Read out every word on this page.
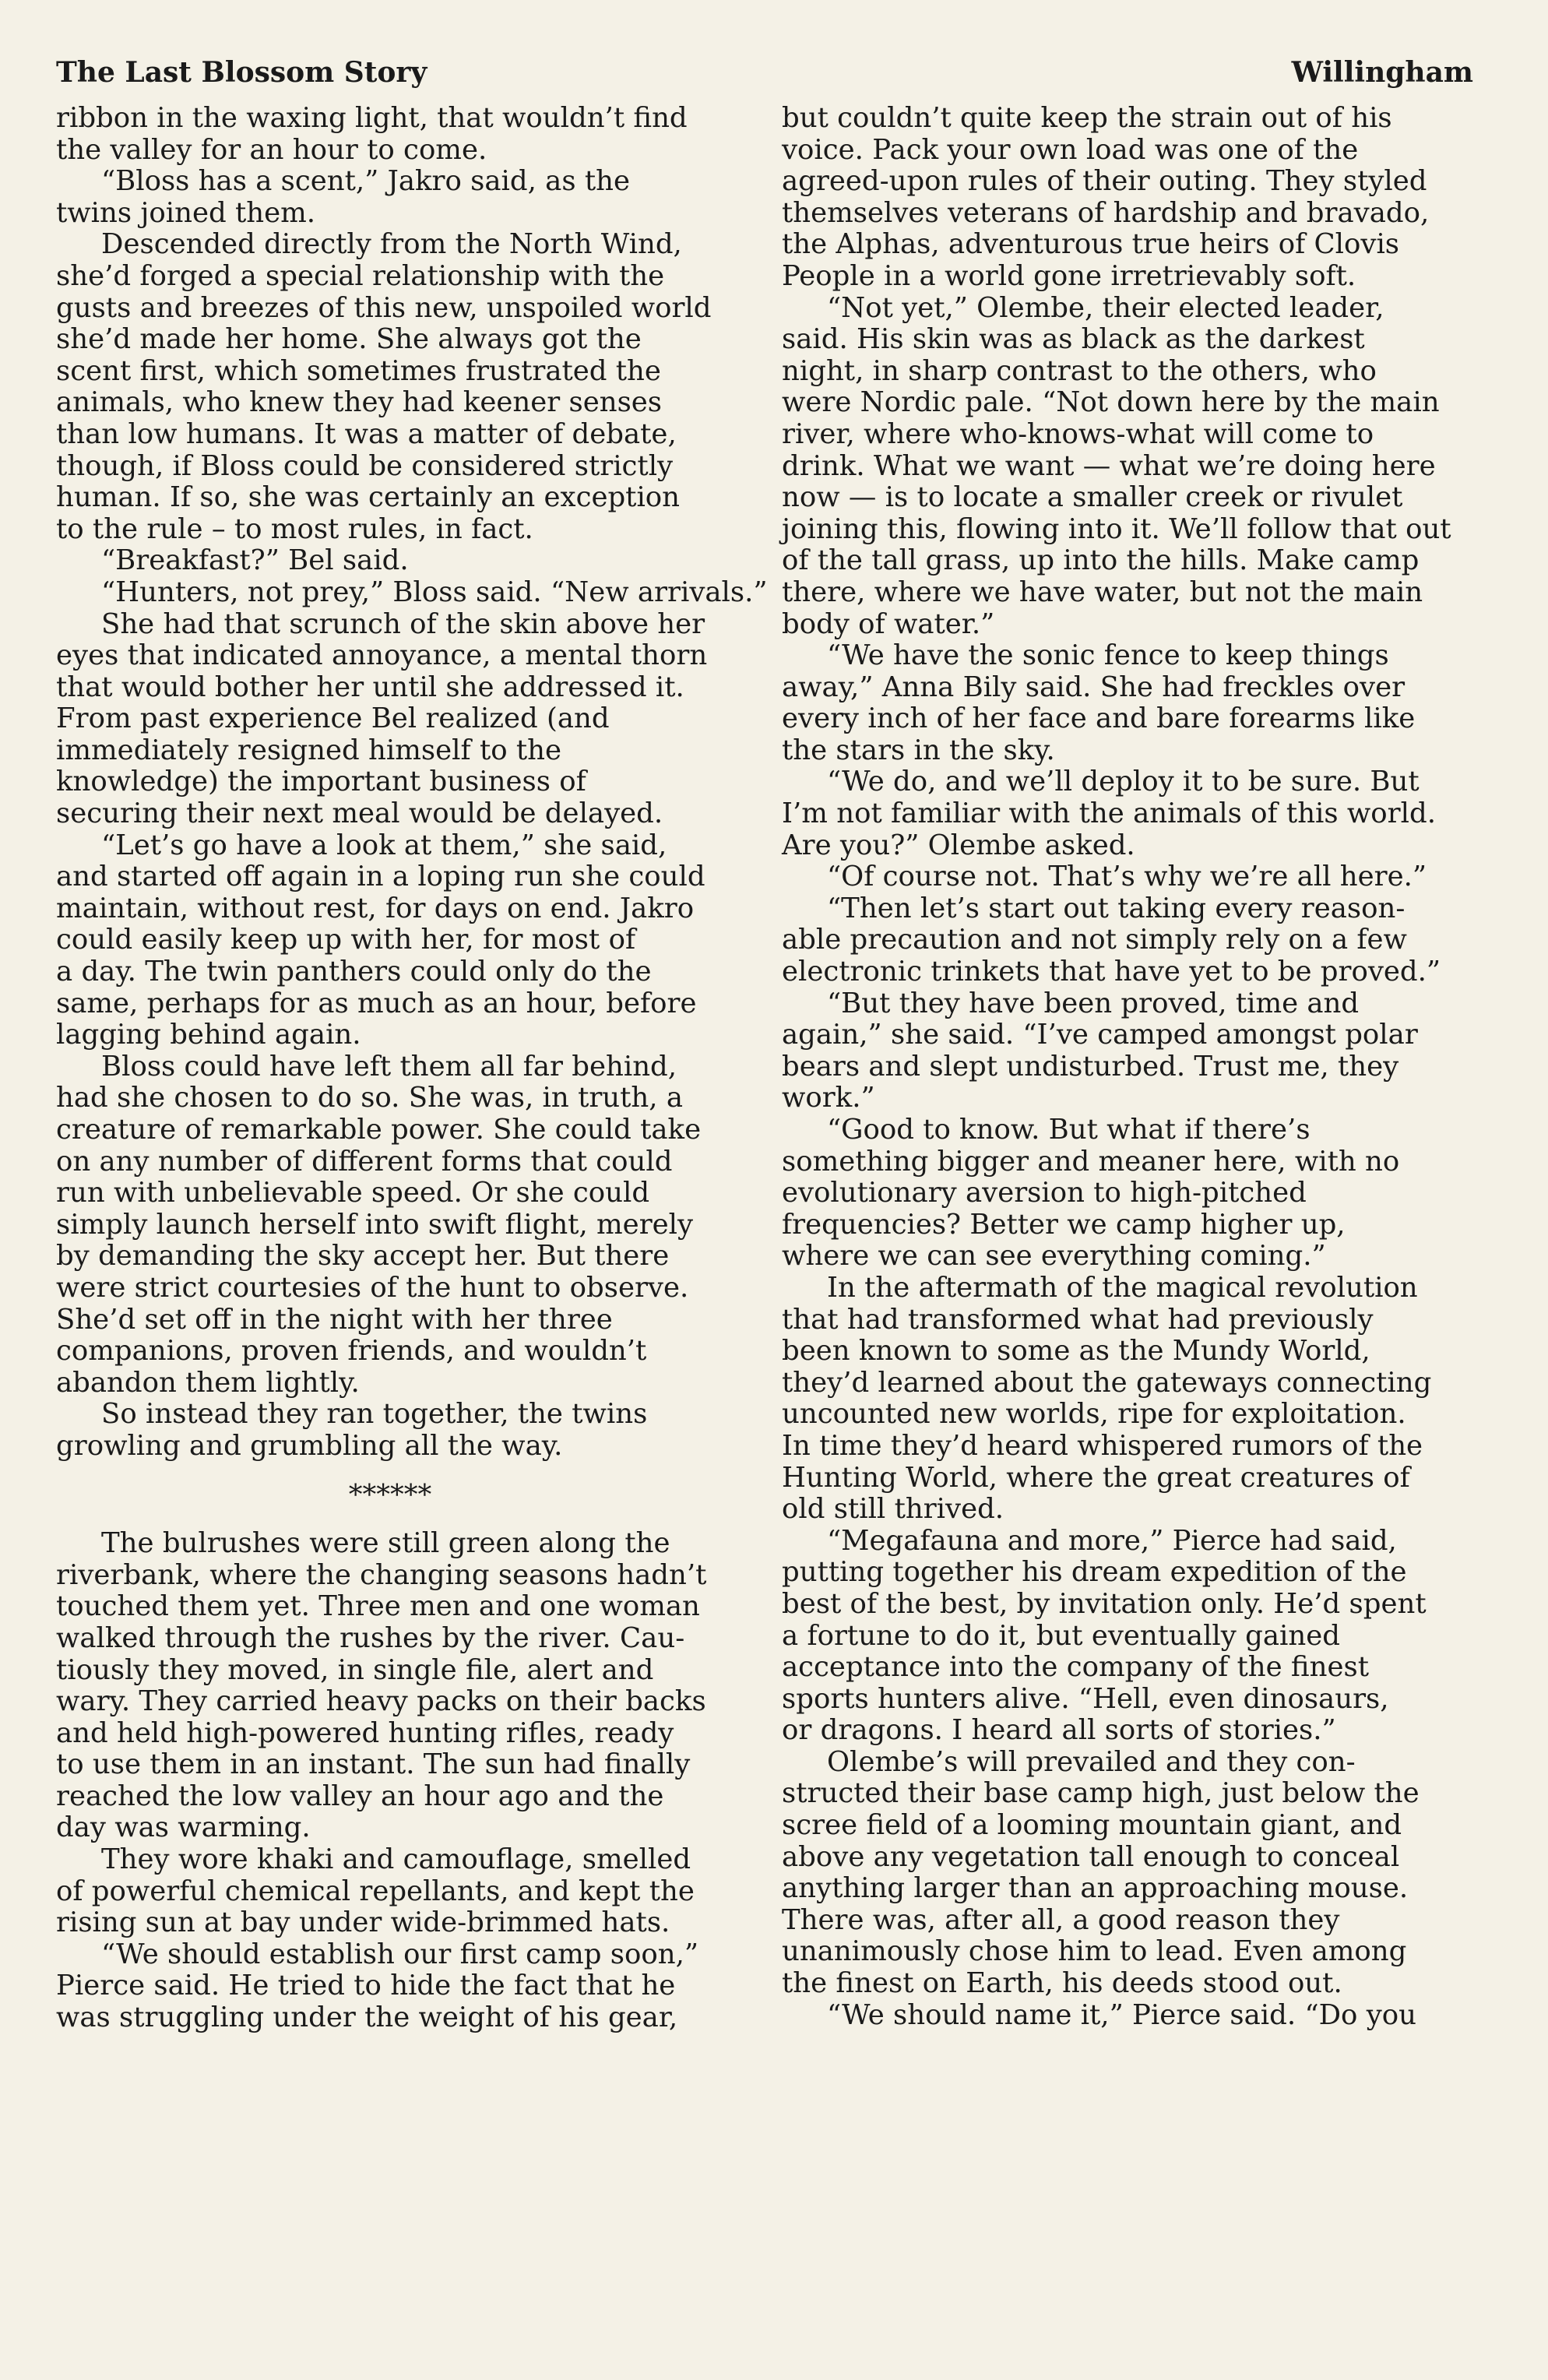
The Last Blossom Story	Willingham
ribbon in the waxing light, that wouldn’t find
the valley for an hour to come.
“Bloss has a scent,” Jakro said, as the
twins joined them.
Descended directly from the North Wind,
she’d forged a special relationship with the
gusts and breezes of this new, unspoiled world
she’d made her home. She always got the
scent first, which sometimes frustrated the
animals, who knew they had keener senses
than low humans. It was a matter of debate,
though, if Bloss could be considered strictly
human. If so, she was certainly an exception
to the rule – to most rules, in fact.
“Breakfast?” Bel said.
“Hunters, not prey,” Bloss said. “New arrivals.”
She had that scrunch of the skin above her
eyes that indicated annoyance, a mental thorn
that would bother her until she addressed it.
From past experience Bel realized (and
immediately resigned himself to the
knowledge) the important business of
securing their next meal would be delayed.
“Let’s go have a look at them,” she said,
and started off again in a loping run she could
maintain, without rest, for days on end. Jakro
could easily keep up with her, for most of
a day. The twin panthers could only do the
same, perhaps for as much as an hour, before
lagging behind again.
Bloss could have left them all far behind,
had she chosen to do so. She was, in truth, a
creature of remarkable power. She could take
on any number of different forms that could
run with unbelievable speed. Or she could
simply launch herself into swift flight, merely
by demanding the sky accept her. But there
were strict courtesies of the hunt to observe.
She’d set off in the night with her three
companions, proven friends, and wouldn’t
abandon them lightly.
So instead they ran together, the twins
growling and grumbling all the way.
******
The bulrushes were still green along the
riverbank, where the changing seasons hadn’t
touched them yet. Three men and one woman
walked through the rushes by the river. Cau-
tiously they moved, in single file, alert and
wary. They carried heavy packs on their backs
and held high-powered hunting rifles, ready
to use them in an instant. The sun had finally
reached the low valley an hour ago and the
day was warming.
They wore khaki and camouflage, smelled
of powerful chemical repellants, and kept the
rising sun at bay under wide-brimmed hats.
“We should establish our first camp soon,”
Pierce said. He tried to hide the fact that he
was struggling under the weight of his gear,
but couldn’t quite keep the strain out of his
voice. Pack your own load was one of the
agreed-upon rules of their outing. They styled
themselves veterans of hardship and bravado,
the Alphas, adventurous true heirs of Clovis
People in a world gone irretrievably soft.
“Not yet,” Olembe, their elected leader,
said. His skin was as black as the darkest
night, in sharp contrast to the others, who
were Nordic pale. “Not down here by the main
river, where who-knows-what will come to
drink. What we want — what we’re doing here
now — is to locate a smaller creek or rivulet
joining this, flowing into it. We’ll follow that out
of the tall grass, up into the hills. Make camp
there, where we have water, but not the main
body of water.”
“We have the sonic fence to keep things
away,” Anna Bily said. She had freckles over
every inch of her face and bare forearms like
the stars in the sky.
“We do, and we’ll deploy it to be sure. But
I’m not familiar with the animals of this world.
Are you?” Olembe asked.
“Of course not. That’s why we’re all here.”
“Then let’s start out taking every reason-
able precaution and not simply rely on a few
electronic trinkets that have yet to be proved.”
“But they have been proved, time and
again,” she said. “I’ve camped amongst polar
bears and slept undisturbed. Trust me, they
work.”
“Good to know. But what if there’s
something bigger and meaner here, with no
evolutionary aversion to high-pitched
frequencies? Better we camp higher up,
where we can see everything coming.”
In the aftermath of the magical revolution
that had transformed what had previously
been known to some as the Mundy World,
they’d learned about the gateways connecting
uncounted new worlds, ripe for exploitation.
In time they’d heard whispered rumors of the
Hunting World, where the great creatures of
old still thrived.
“Megafauna and more,” Pierce had said,
putting together his dream expedition of the
best of the best, by invitation only. He’d spent
a fortune to do it, but eventually gained
acceptance into the company of the finest
sports hunters alive. “Hell, even dinosaurs,
or dragons. I heard all sorts of stories.”
Olembe’s will prevailed and they con-
structed their base camp high, just below the
scree field of a looming mountain giant, and
above any vegetation tall enough to conceal
anything larger than an approaching mouse.
There was, after all, a good reason they
unanimously chose him to lead. Even among
the finest on Earth, his deeds stood out.
“We should name it,” Pierce said. “Do you
